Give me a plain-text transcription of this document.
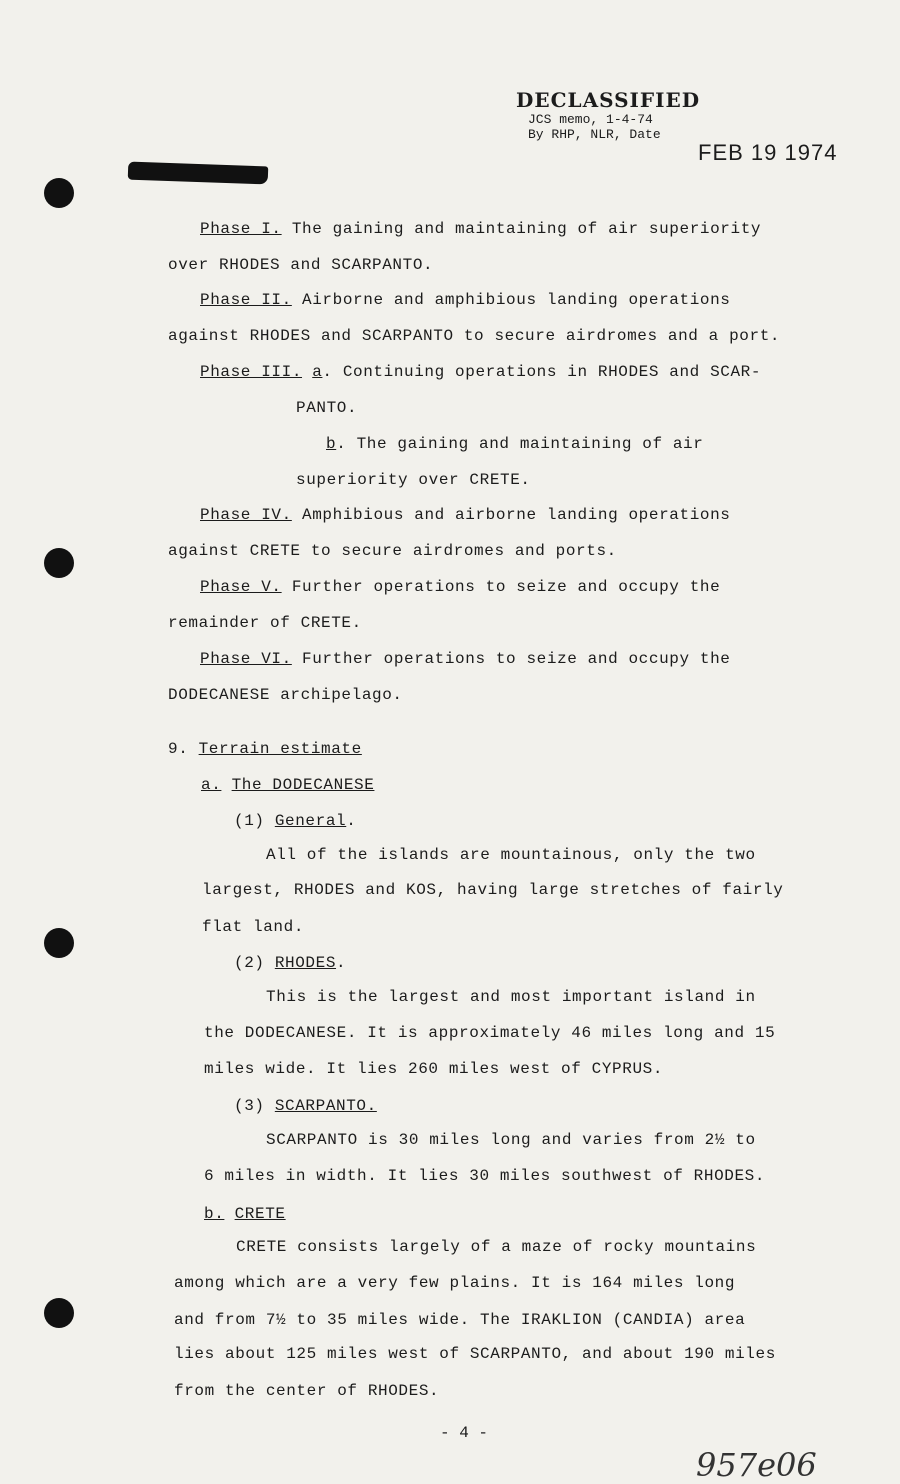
DECLASSIFIED
JCS memo, 1-4-74
By RHP, NLR, Date
FEB 19 1974
Phase I. The gaining and maintaining of air superiority
over RHODES and SCARPANTO.
Phase II. Airborne and amphibious landing operations
against RHODES and SCARPANTO to secure airdromes and a port.
Phase III. a. Continuing operations in RHODES and SCAR-
PANTO.
b. The gaining and maintaining of air
superiority over CRETE.
Phase IV. Amphibious and airborne landing operations
against CRETE to secure airdromes and ports.
Phase V. Further operations to seize and occupy the
remainder of CRETE.
Phase VI. Further operations to seize and occupy the
DODECANESE archipelago.
9. Terrain estimate
a. The DODECANESE
(1) General.
All of the islands are mountainous, only the two
largest, RHODES and KOS, having large stretches of fairly
flat land.
(2) RHODES.
This is the largest and most important island in
the DODECANESE. It is approximately 46 miles long and 15
miles wide. It lies 260 miles west of CYPRUS.
(3) SCARPANTO.
SCARPANTO is 30 miles long and varies from 2½ to
6 miles in width. It lies 30 miles southwest of RHODES.
b. CRETE
CRETE consists largely of a maze of rocky mountains
among which are a very few plains. It is 164 miles long
and from 7½ to 35 miles wide. The IRAKLION (CANDIA) area
lies about 125 miles west of SCARPANTO, and about 190 miles
from the center of RHODES.
- 4 -
957e06
